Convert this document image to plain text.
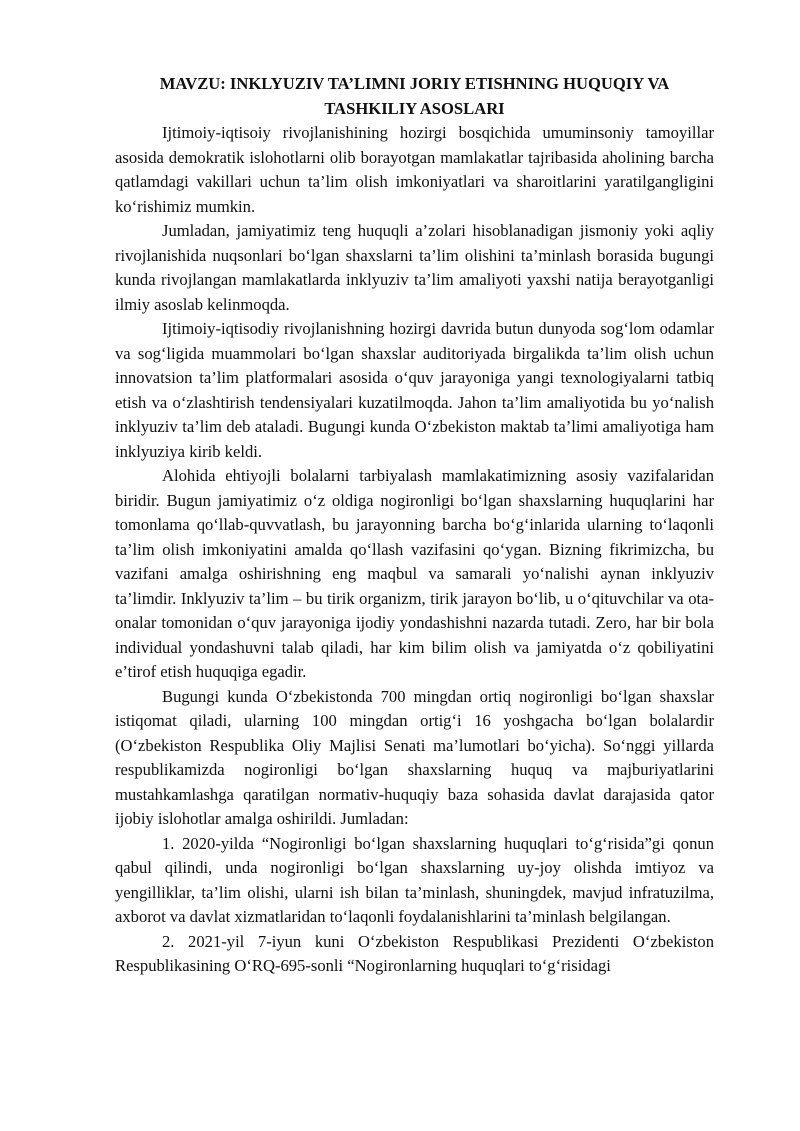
MAVZU: INKLYUZIV TA’LIMNI JORIY ETISHNING HUQUQIY VA
TASHKILIY ASOSLARI

Ijtimoiy-iqtisoiy rivojlanishining hozirgi bosqichida umuminsoniy tamoyillar asosida demokratik islohotlarni olib borayotgan mamlakatlar tajribasida aholining barcha qatlamdagi vakillari uchun ta’lim olish imkoniyatlari va sharoitlarini yaratilgangligini koʻrishimiz mumkin.

Jumladan, jamiyatimiz teng huquqli a’zolari hisoblanadigan jismoniy yoki aqliy rivojlanishida nuqsonlari boʻlgan shaxslarni ta’lim olishini ta’minlash borasida bugungi kunda rivojlangan mamlakatlarda inklyuziv ta’lim amaliyoti yaxshi natija berayotganligi ilmiy asoslab kelinmoqda.

Ijtimoiy-iqtisodiy rivojlanishning hozirgi davrida butun dunyoda sogʻlom odamlar va sogʻligida muammolari boʻlgan shaxslar auditoriyada birgalikda ta’lim olish uchun innovatsion ta’lim platformalari asosida oʻquv jarayoniga yangi texnologiyalarni tatbiq etish va oʻzlashtirish tendensiyalari kuzatilmoqda. Jahon ta’lim amaliyotida bu yoʻnalish inklyuziv ta’lim deb ataladi. Bugungi kunda Oʻzbekiston maktab ta’limi amaliyotiga ham inklyuziya kirib keldi.

Alohida ehtiyojli bolalarni tarbiyalash mamlakatimizning asosiy vazifalaridan biridir. Bugun jamiyatimiz oʻz oldiga nogironligi boʻlgan shaxslarning huquqlarini har tomonlama qoʻllab-quvvatlash, bu jarayonning barcha boʻgʻinlarida ularning toʻlaqonli ta’lim olish imkoniyatini amalda qoʻllash vazifasini qoʻygan. Bizning fikrimizcha, bu vazifani amalga oshirishning eng maqbul va samarali yoʻnalishi aynan inklyuziv ta’limdir. Inklyuziv ta’lim – bu tirik organizm, tirik jarayon boʻlib, u oʻqituvchilar va ota-onalar tomonidan oʻquv jarayoniga ijodiy yondashishni nazarda tutadi. Zero, har bir bola individual yondashuvni talab qiladi, har kim bilim olish va jamiyatda oʻz qobiliyatini e’tirof etish huquqiga egadir.

Bugungi kunda Oʻzbekistonda 700 mingdan ortiq nogironligi boʻlgan shaxslar istiqomat qiladi, ularning 100 mingdan ortigʻi 16 yoshgacha boʻlgan bolalardir (Oʻzbekiston Respublika Oliy Majlisi Senati ma’lumotlari boʻyicha). Soʻnggi yillarda respublikamizda nogironligi boʻlgan shaxslarning huquq va majburiyatlarini mustahkamlashga qaratilgan normativ-huquqiy baza sohasida davlat darajasida qator ijobiy islohotlar amalga oshirildi. Jumladan:

1. 2020-yilda “Nogironligi boʻlgan shaxslarning huquqlari toʻgʻrisida”gi qonun qabul qilindi, unda nogironligi boʻlgan shaxslarning uy-joy olishda imtiyoz va yengilliklar, ta’lim olishi, ularni ish bilan ta’minlash, shuningdek, mavjud infratuzilma, axborot va davlat xizmatlaridan toʻlaqonli foydalanishlarini ta’minlash belgilangan.

2. 2021-yil 7-iyun kuni Oʻzbekiston Respublikasi Prezidenti Oʻzbekiston Respublikasining OʻRQ-695-sonli “Nogironlarning huquqlari toʻgʻrisidagi
